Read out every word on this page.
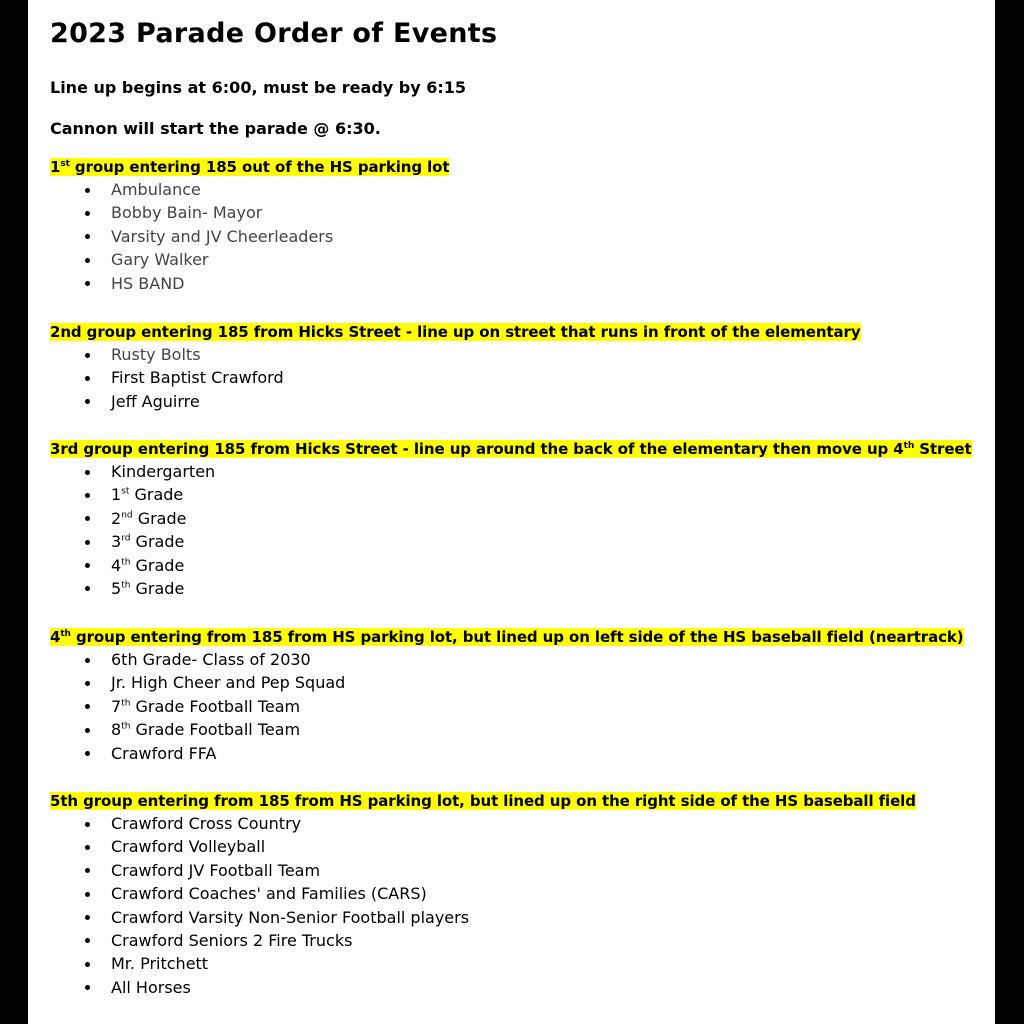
2023 Parade Order of Events

Line up begins at 6:00, must be ready by 6:15

Cannon will start the parade @ 6:30.

1st group entering 185 out of the HS parking lot
Ambulance
Bobby Bain- Mayor
Varsity and JV Cheerleaders
Gary Walker
HS BAND
2nd group entering 185 from Hicks Street - line up on street that runs in front of the elementary
Rusty Bolts
First Baptist Crawford
Jeff Aguirre
3rd group entering 185 from Hicks Street - line up around the back of the elementary then move up 4th Street
Kindergarten
1st Grade
2nd Grade
3rd Grade
4th Grade
5th Grade
4th group entering from 185 from HS parking lot, but lined up on left side of the HS baseball field (neartrack)
6th Grade- Class of 2030
Jr. High Cheer and Pep Squad
7th Grade Football Team
8th Grade Football Team
Crawford FFA
5th group entering from 185 from HS parking lot, but lined up on the right side of the HS baseball field
Crawford Cross Country
Crawford Volleyball
Crawford JV Football Team
Crawford Coaches' and Families (CARS)
Crawford Varsity Non-Senior Football players
Crawford Seniors 2 Fire Trucks
Mr. Pritchett
All Horses
